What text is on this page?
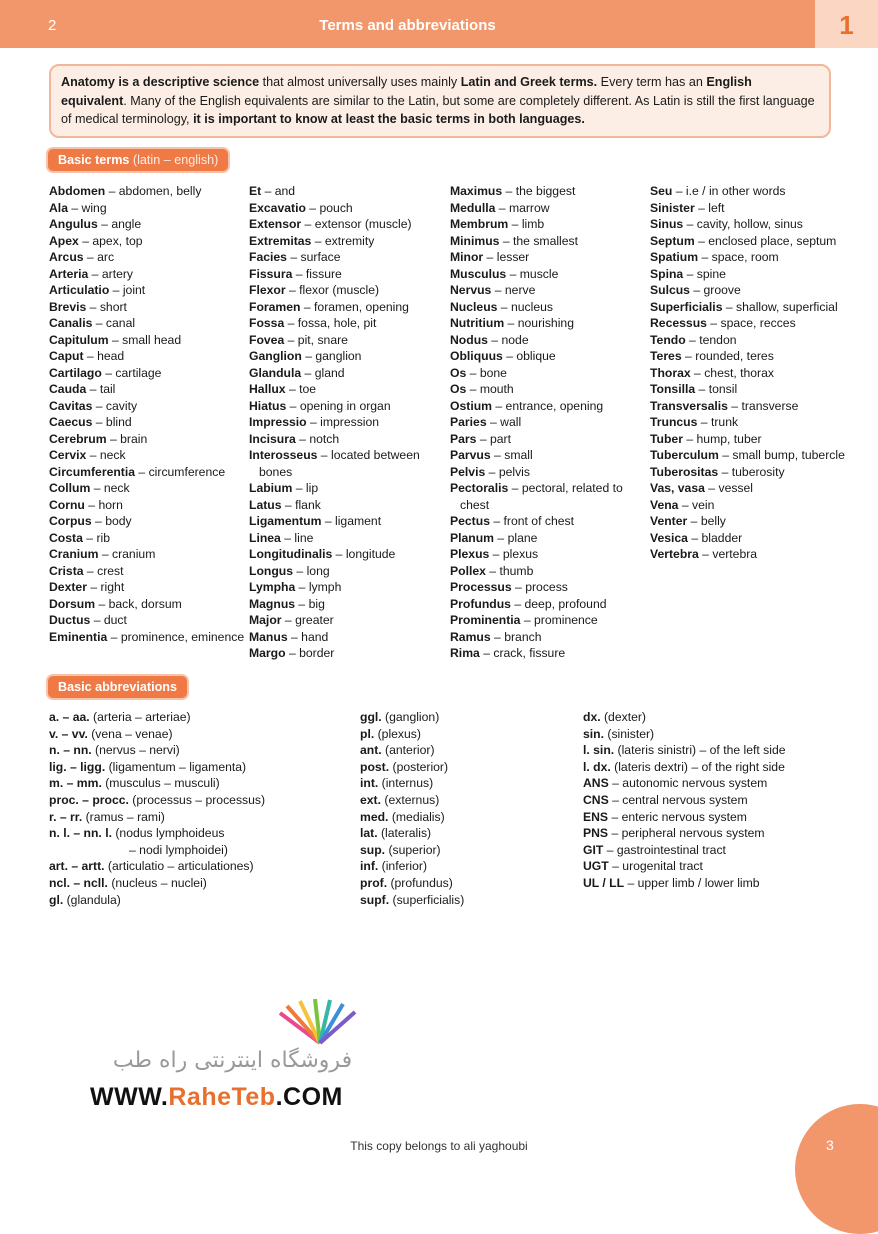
2	Terms and abbreviations	1
Anatomy is a descriptive science that almost universally uses mainly Latin and Greek terms. Every term has an English equivalent. Many of the English equivalents are similar to the Latin, but some are completely different. As Latin is still the first language of medical terminology, it is important to know at least the basic terms in both languages.
Basic terms (latin – english)
Abdomen – abdomen, belly
Ala – wing
Angulus – angle
Apex – apex, top
Arcus – arc
Arteria – artery
Articulatio – joint
Brevis – short
Canalis – canal
Capitulum – small head
Caput – head
Cartilago – cartilage
Cauda – tail
Cavitas – cavity
Caecus – blind
Cerebrum – brain
Cervix – neck
Circumferentia – circumference
Collum – neck
Cornu – horn
Corpus – body
Costa – rib
Cranium – cranium
Crista – crest
Dexter – right
Dorsum – back, dorsum
Ductus – duct
Eminentia – prominence, eminence
Et – and
Excavatio – pouch
Extensor – extensor (muscle)
Extremitas – extremity
Facies – surface
Fissura – fissure
Flexor – flexor (muscle)
Foramen – foramen, opening
Fossa – fossa, hole, pit
Fovea – pit, snare
Ganglion – ganglion
Glandula – gland
Hallux – toe
Hiatus – opening in organ
Impressio – impression
Incisura – notch
Interosseus – located between bones
Labium – lip
Latus – flank
Ligamentum – ligament
Linea – line
Longitudinalis – longitude
Longus – long
Lympha – lymph
Magnus – big
Major – greater
Manus – hand
Margo – border
Maximus – the biggest
Medulla – marrow
Membrum – limb
Minimus – the smallest
Minor – lesser
Musculus – muscle
Nervus – nerve
Nucleus – nucleus
Nutritium – nourishing
Nodus – node
Obliquus – oblique
Os – bone
Os – mouth
Ostium – entrance, opening
Paries – wall
Pars – part
Parvus – small
Pelvis – pelvis
Pectoralis – pectoral, related to chest
Pectus – front of chest
Planum – plane
Plexus – plexus
Pollex – thumb
Processus – process
Profundus – deep, profound
Prominentia – prominence
Ramus – branch
Rima – crack, fissure
Seu – i.e / in other words
Sinister – left
Sinus – cavity, hollow, sinus
Septum – enclosed place, septum
Spatium – space, room
Spina – spine
Sulcus – groove
Superficialis – shallow, superficial
Recessus – space, recces
Tendo – tendon
Teres – rounded, teres
Thorax – chest, thorax
Tonsilla – tonsil
Transversalis – transverse
Truncus – trunk
Tuber – hump, tuber
Tuberculum – small bump, tubercle
Tuberositas – tuberosity
Vas, vasa – vessel
Vena – vein
Venter – belly
Vesica – bladder
Vertebra – vertebra
Basic abbreviations
a. – aa. (arteria – arteriae)
v. – vv. (vena – venae)
n. – nn. (nervus – nervi)
lig. – ligg. (ligamentum – ligamenta)
m. – mm. (musculus – musculi)
proc. – procc. (processus – processus)
r. – rr. (ramus – rami)
n. l. – nn. l. (nodus lymphoideus
– nodi lymphoidei)
art. – artt. (articulatio – articulationes)
ncl. – ncll. (nucleus – nuclei)
gl. (glandula)
ggl. (ganglion)
pl. (plexus)
ant. (anterior)
post. (posterior)
int. (internus)
ext. (externus)
med. (medialis)
lat. (lateralis)
sup. (superior)
inf. (inferior)
prof. (profundus)
supf. (superficialis)
dx. (dexter)
sin. (sinister)
l. sin. (lateris sinistri) – of the left side
l. dx. (lateris dextri) – of the right side
ANS – autonomic nervous system
CNS – central nervous system
ENS – enteric nervous system
PNS – peripheral nervous system
GIT – gastrointestinal tract
UGT – urogenital tract
UL / LL – upper limb / lower limb
فروشگاه اینترنتی راه طب
WWW.RaheTeb.COM
This copy belongs to ali yaghoubi	3
